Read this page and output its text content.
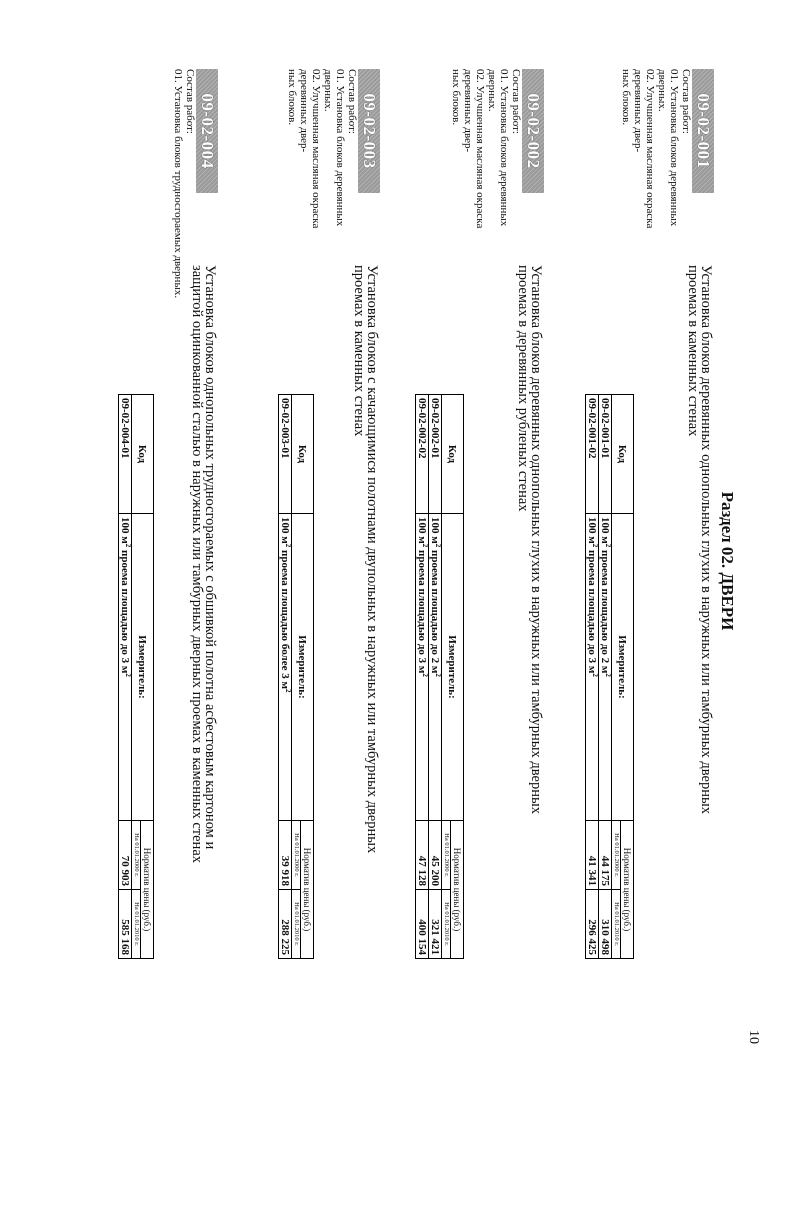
Раздел 02. ДВЕРИ
10
09-02-001
Установка блоков деревянных однопольных глухих в наружных или тамбурных дверных
проемах в каменных стенах
Состав работ:
01. Установка блоков деревянных дверных.
02. Улучшенная масляная окраска деревянных двер-
ных блоков.
Код	Измеритель:	Норматив цены (руб.)	
		На 01.01.2000 г.	На 01.01.2010 г.
09-02-001-01	100 $м^2$ проема площадью до 2 $м^2$	44 175	310 498
09-02-001-02	100 $м^2$ проема площадью до 3 $м^2$	41 341	296 425
09-02-002
Установка блоков деревянных однопольных глухих в наружных или тамбурных дверных
проемах в деревянных рубленых стенах
Состав работ:
01. Установка блоков деревянных дверных.
02. Улучшенная масляная окраска деревянных двер-
ных блоков.
Код	Измеритель:	Норматив цены (руб.)	
		На 01.01.2000 г.	На 01.01.2010 г.
09-02-002-01	100 $м^2$ проема площадью до 2 $м^2$	45 200	321 421
09-02-002-02	100 $м^2$ проема площадью до 3 $м^2$	47 128	400 154
09-02-003
Установка блоков с качающимися полотнами двупольных в наружных или тамбурных дверных
проемах в каменных стенах
Состав работ:
01. Установка блоков деревянных дверных.
02. Улучшенная масляная окраска деревянных двер-
ных блоков.
Код	Измеритель:	Норматив цены (руб.)	
		На 01.01.2000 г.	На 01.01.2010 г.
09-02-003-01	100 $м^2$ проема площадью более 3 $м^2$	39 918	288 225
09-02-004
Установка блоков однопольных трудносгораемых с обшивкой полотна асбестовым картоном и
защитой оцинкованной сталью в наружных или тамбурных дверных проемах в каменных стенах
Состав работ:
01. Установка блоков трудносгораемых дверных.
Код	Измеритель:	Норматив цены (руб.)	
		На 01.01.2000 г.	На 01.01.2010 г.
09-02-004-01	100 $м^2$ проема площадью до 3 $м^2$	70 903	585 168
